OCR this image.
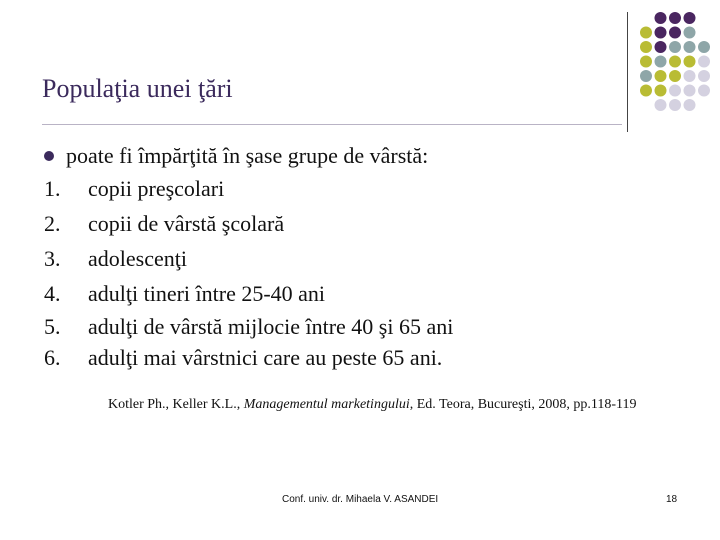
Populaţia unei ţări
poate fi împărţită în şase grupe de vârstă:
1. copii preşcolari
2. copii de vârstă şcolară
3. adolescenţi
4. adulţi tineri între 25-40 ani
5. adulţi de vârstă mijlocie între 40 şi 65 ani
6. adulţi mai vârstnici care au peste 65 ani.
Kotler Ph., Keller K.L., Managementul marketingului, Ed. Teora, Bucureşti, 2008, pp.118-119
Conf. univ. dr. Mihaela V. ASANDEI	18
